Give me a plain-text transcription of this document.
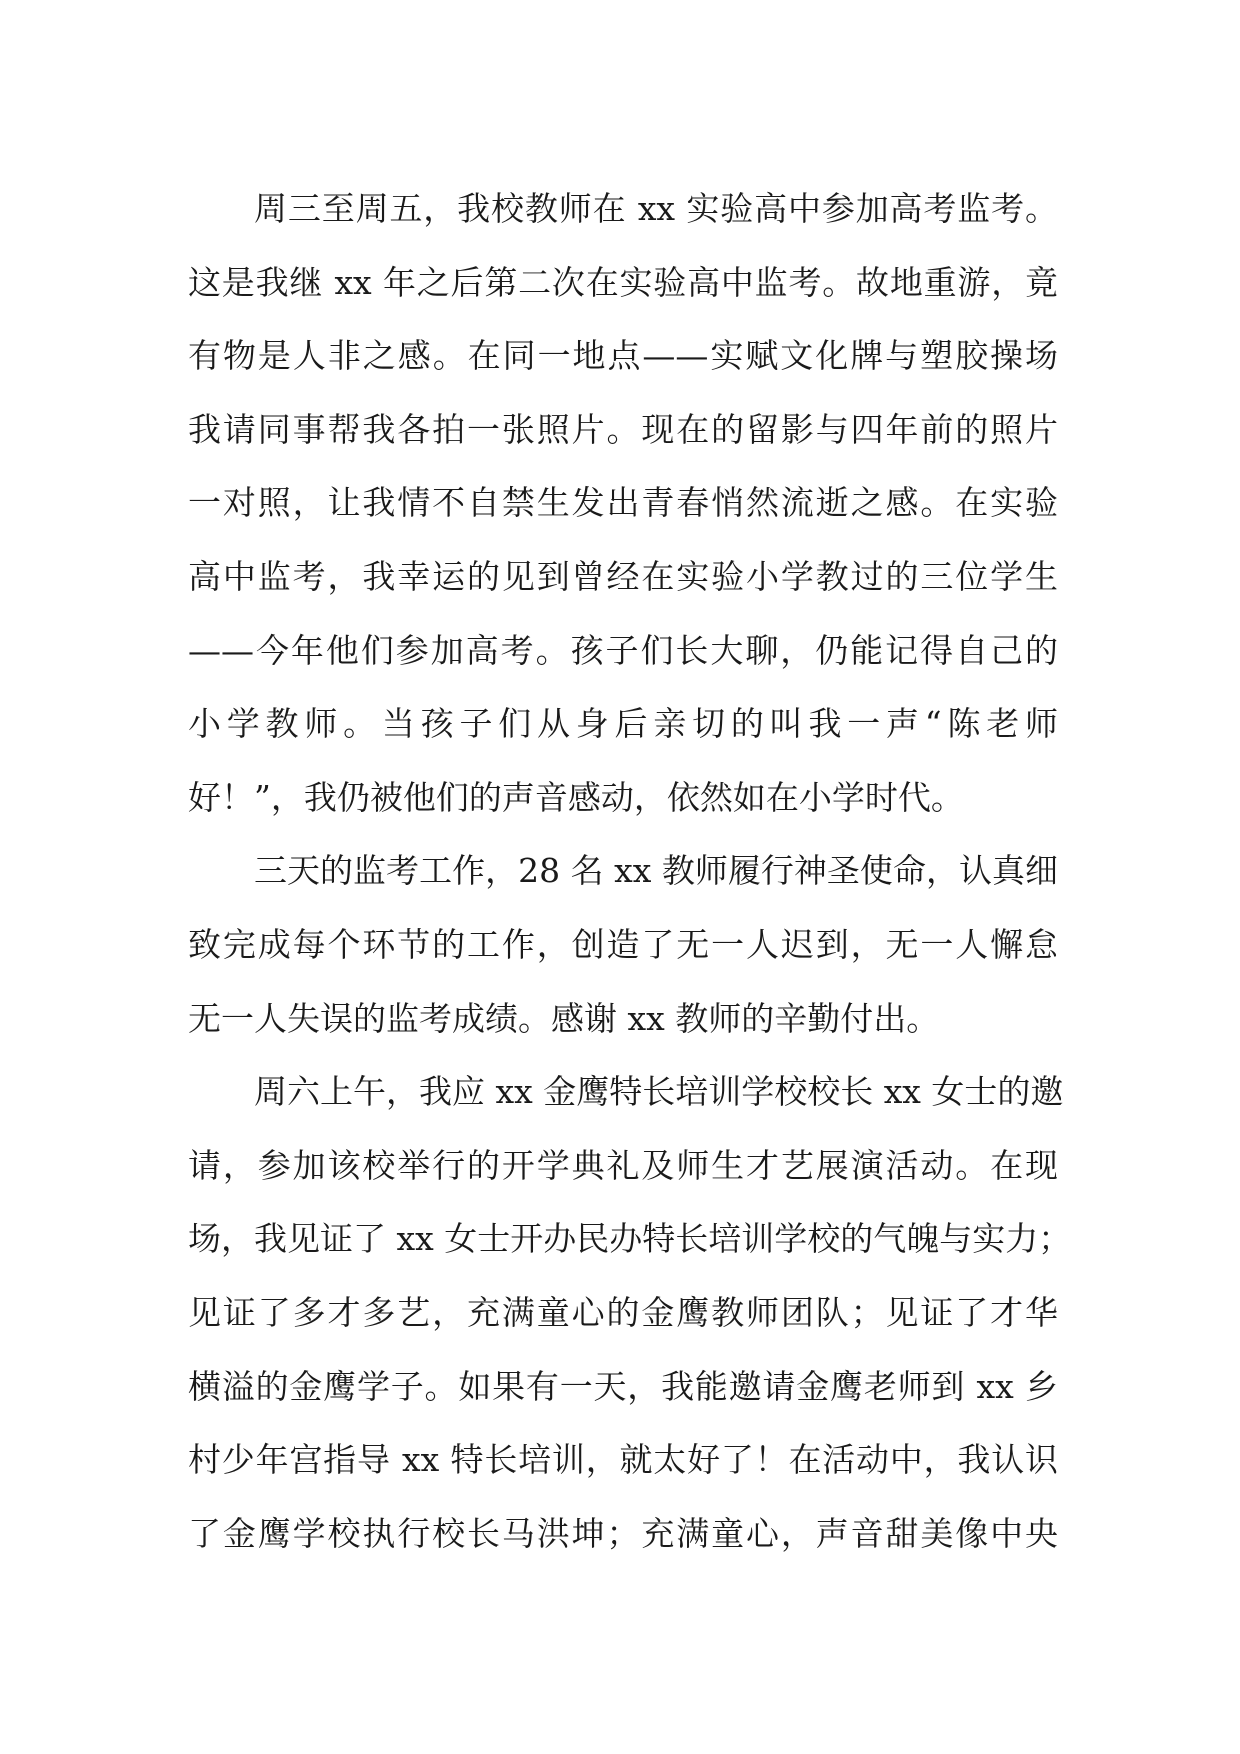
周三至周五，我校教师在 xx 实验高中参加高考监考。
这是我继 xx 年之后第二次在实验高中监考。故地重游，竟
有物是人非之感。在同一地点——实赋文化牌与塑胶操场
我请同事帮我各拍一张照片。现在的留影与四年前的照片
一对照，让我情不自禁生发出青春悄然流逝之感。在实验
高中监考，我幸运的见到曾经在实验小学教过的三位学生
——今年他们参加高考。孩子们长大聊，仍能记得自己的
小学教师。当孩子们从身后亲切的叫我一声“陈老师
好！”，我仍被他们的声音感动，依然如在小学时代。
三天的监考工作，28 名 xx 教师履行神圣使命，认真细
致完成每个环节的工作，创造了无一人迟到，无一人懈怠
无一人失误的监考成绩。感谢 xx 教师的辛勤付出。
周六上午，我应 xx 金鹰特长培训学校校长 xx 女士的邀
请，参加该校举行的开学典礼及师生才艺展演活动。在现
场，我见证了 xx 女士开办民办特长培训学校的气魄与实力；
见证了多才多艺，充满童心的金鹰教师团队；见证了才华
横溢的金鹰学子。如果有一天，我能邀请金鹰老师到 xx 乡
村少年宫指导 xx 特长培训，就太好了！在活动中，我认识
了金鹰学校执行校长马洪坤；充满童心，声音甜美像中央
